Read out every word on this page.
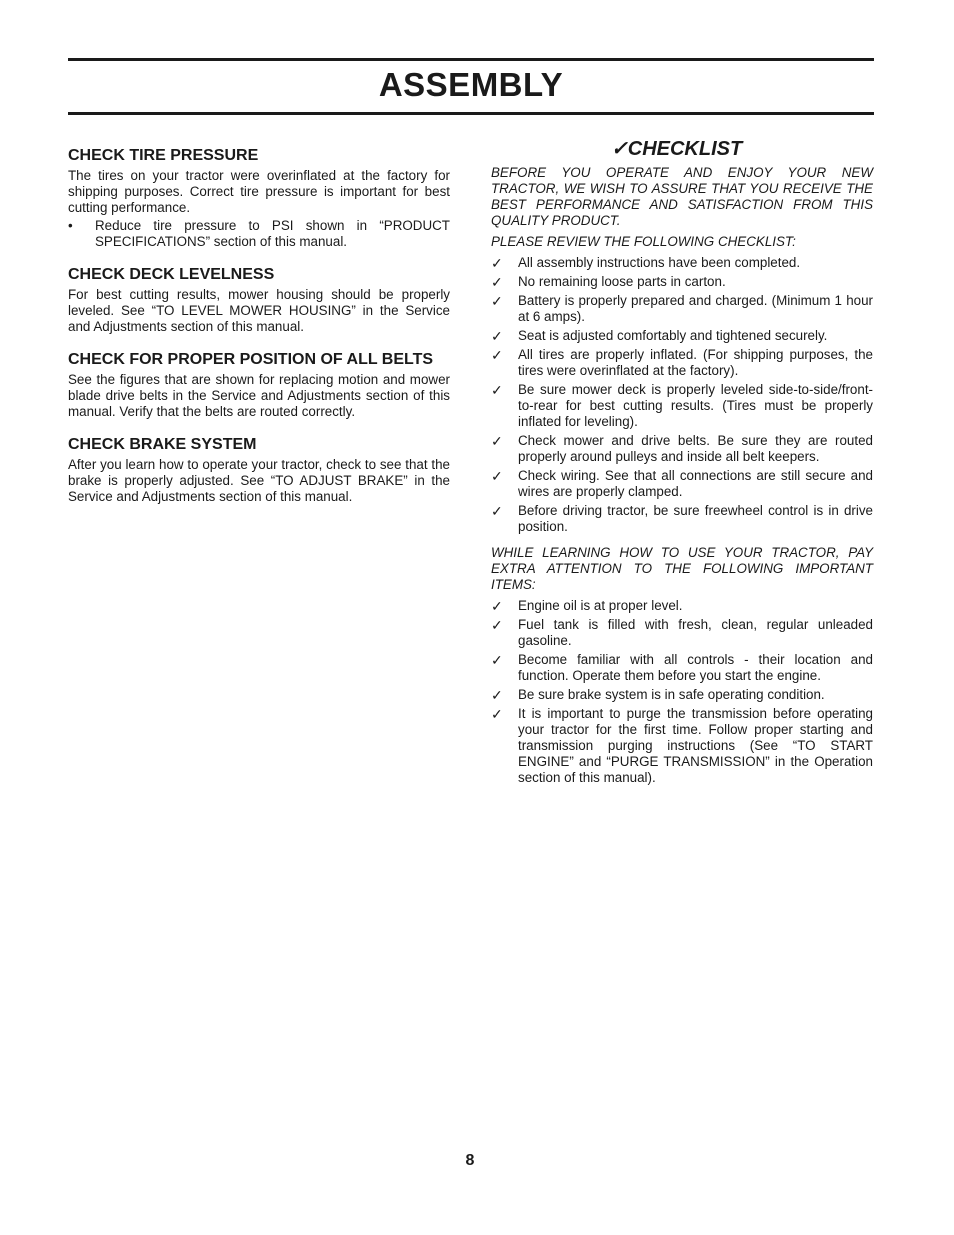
ASSEMBLY
CHECK TIRE PRESSURE

The tires on your tractor were overinflated at the factory for shipping purposes. Correct tire pressure is important for best cutting performance.

•	Reduce tire pressure to PSI shown in “PRODUCT SPECIFICATIONS” section of this manual.
CHECK DECK LEVELNESS

For best cutting results, mower housing should be properly leveled. See “TO LEVEL MOWER HOUSING” in the Service and Adjustments section of this manual.

CHECK FOR PROPER POSITION OF ALL BELTS

See the figures that are shown for replacing motion and mower blade drive belts in the Service and Adjustments section of this manual. Verify that the belts are routed correctly.

CHECK BRAKE SYSTEM

After you learn how to operate your tractor, check to see that the brake is properly adjusted. See “TO ADJUST BRAKE” in the Service and Adjustments section of this manual.

✓CHECKLIST

BEFORE YOU OPERATE AND ENJOY YOUR NEW TRACTOR, WE WISH TO ASSURE THAT YOU RECEIVE THE BEST PERFORMANCE AND SATISFACTION FROM THIS QUALITY PRODUCT.

PLEASE REVIEW THE FOLLOWING CHECKLIST:

✓	All assembly instructions have been completed.
✓	No remaining loose parts in carton.
✓	Battery is properly prepared and charged. (Minimum 1 hour at 6 amps).
✓	Seat is adjusted comfortably and tightened securely.
✓	All tires are properly inflated. (For shipping purposes, the tires were overinflated at the factory).
✓	Be sure mower deck is properly leveled side-to-side/front-to-rear for best cutting results. (Tires must be properly inflated for leveling).
✓	Check mower and drive belts. Be sure they are routed properly around pulleys and inside all belt keepers.
✓	Check wiring. See that all connections are still secure and wires are properly clamped.
✓	Before driving tractor, be sure freewheel control is in drive position.

WHILE LEARNING HOW TO USE YOUR TRACTOR, PAY EXTRA ATTENTION TO THE FOLLOWING IMPORTANT ITEMS:

✓	Engine oil is at proper level.
✓	Fuel tank is filled with fresh, clean, regular unleaded gasoline.
✓	Become familiar with all controls - their location and function. Operate them before you start the engine.
✓	Be sure brake system is in safe operating condition.
✓	It is important to purge the transmission before operating your tractor for the first time. Follow proper starting and transmission purging instructions (See “TO START ENGINE” and “PURGE TRANSMISSION” in the Operation section of this manual).
8
